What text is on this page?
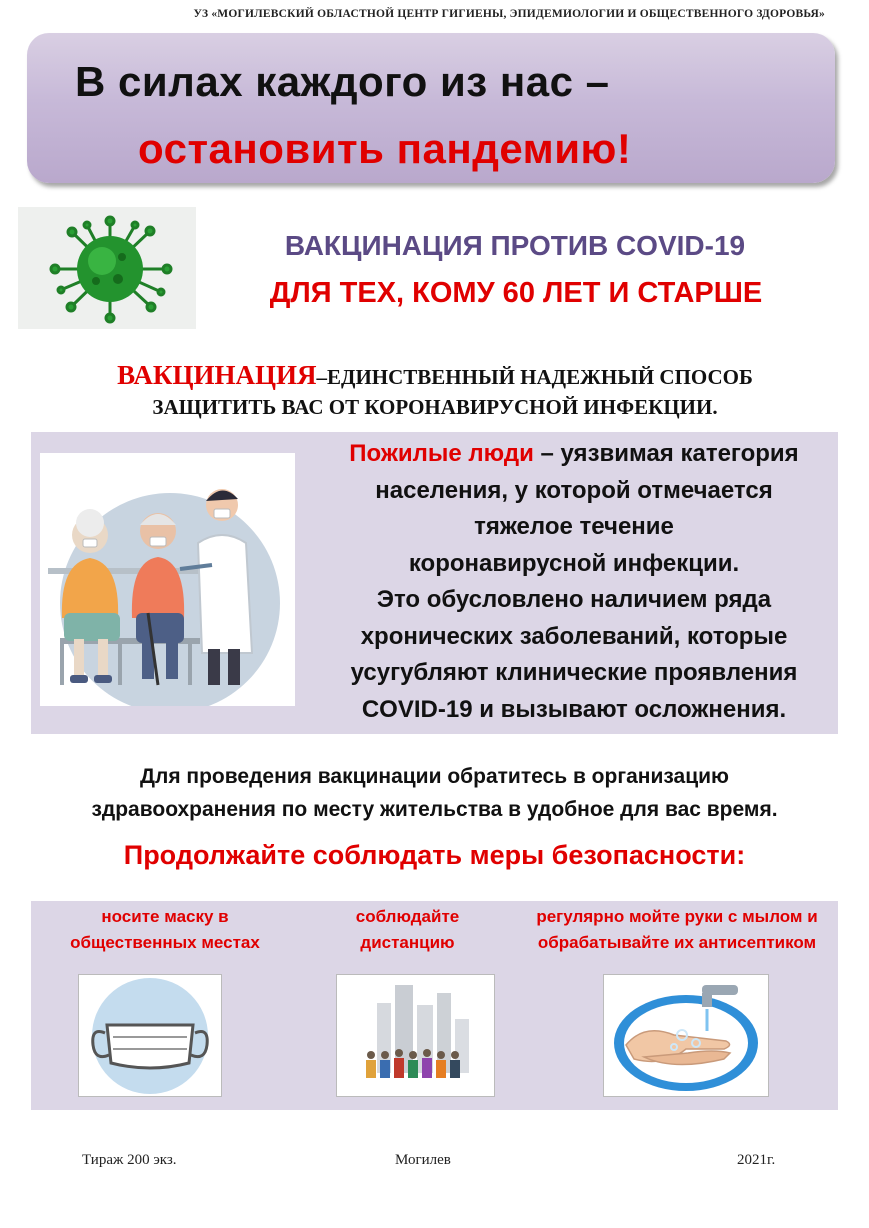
УЗ «МОГИЛЕВСКИЙ ОБЛАСТНОЙ ЦЕНТР ГИГИЕНЫ, ЭПИДЕМИОЛОГИИ И ОБЩЕСТВЕННОГО ЗДОРОВЬЯ»
В силах каждого из нас –
остановить пандемию!
ВАКЦИНАЦИЯ ПРОТИВ COVID-19
ДЛЯ ТЕХ, КОМУ 60 ЛЕТ И СТАРШЕ
ВАКЦИНАЦИЯ–ЕДИНСТВЕННЫЙ НАДЕЖНЫЙ СПОСОБ
ЗАЩИТИТЬ ВАС ОТ КОРОНАВИРУСНОЙ ИНФЕКЦИИ.
Пожилые люди – уязвимая категория
населения, у которой отмечается
тяжелое течение
коронавирусной инфекции.
Это обусловлено наличием ряда
хронических заболеваний, которые
усугубляют клинические проявления
COVID-19 и вызывают осложнения.
Для проведения вакцинации обратитесь в организацию
здравоохранения по месту жительства в удобное для вас время.
Продолжайте соблюдать меры безопасности:
носите маску в
общественных местах
соблюдайте
дистанцию
регулярно мойте руки с мылом и
обрабатывайте их антисептиком
Тираж 200 экз.	Могилев	2021г.
